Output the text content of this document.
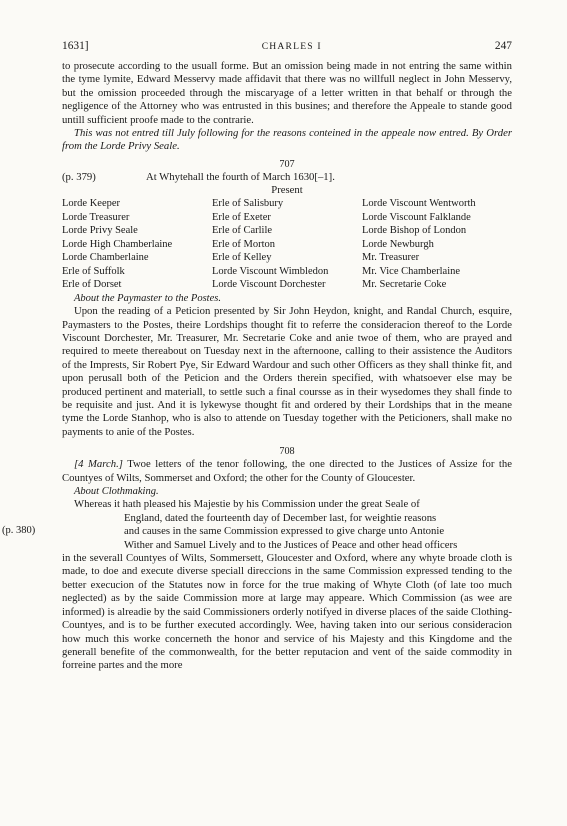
1631]	CHARLES I	247

to prosecute according to the usuall forme. But an omission being made in not entring the same within the tyme lymite, Edward Messervy made affidavit that there was no willfull neglect in John Messervy, but the omission proceeded through the miscaryage of a letter written in that behalf or through the negligence of the Attorney who was entrusted in this busines; and therefore the Appeale to stande good untill sufficient proofe made to the contrarie.

This was not entred till July following for the reasons conteined in the appeale now entred. By Order from the Lorde Privy Seale.

707
(p. 379)	At Whytehall the fourth of March 1630[–1].
Present
Lorde Keeper	Erle of Salisbury	Lorde Viscount Wentworth
Lorde Treasurer	Erle of Exeter	Lorde Viscount Falklande
Lorde Privy Seale	Erle of Carlile	Lorde Bishop of London
Lorde High Chamberlaine	Erle of Morton	Lorde Newburgh
Lorde Chamberlaine	Erle of Kelley	Mr. Treasurer
Erle of Suffolk	Lorde Viscount Wimbledon	Mr. Vice Chamberlaine
Erle of Dorset	Lorde Viscount Dorchester	Mr. Secretarie Coke
About the Paymaster to the Postes.

Upon the reading of a Peticion presented by Sir John Heydon, knight, and Randal Church, esquire, Paymasters to the Postes, theire Lordships thought fit to referre the consideracion thereof to the Lorde Viscount Dorchester, Mr. Treasurer, Mr. Secretarie Coke and anie twoe of them, who are prayed and required to meete thereabout on Tuesday next in the afternoone, calling to their assistence the Auditors of the Imprests, Sir Robert Pye, Sir Edward Wardour and such other Officers as they shall thinke fit, and upon perusall both of the Peticion and the Orders therein specified, with whatsoever else may be produced pertinent and materiall, to settle such a final coursse as in their wysedomes they shall finde to be requisite and just. And it is lykewyse thought fit and ordered by their Lordships that in the meane tyme the Lorde Stanhop, who is also to attende on Tuesday together with the Peticioners, shall make no payments to anie of the Postes.

708

[4 March.] Twoe letters of the tenor following, the one directed to the Justices of Assize for the Countyes of Wilts, Sommerset and Oxford; the other for the County of Gloucester.

About Clothmaking.

Whereas it hath pleased his Majestie by his Commission under the great Seale of

England, dated the fourteenth day of December last, for weightie reasons

(p. 380)	and causes in the same Commission expressed to give charge unto Antonie

Wither and Samuel Lively and to the Justices of Peace and other head officers

in the severall Countyes of Wilts, Sommersett, Gloucester and Oxford, where any whyte broade cloth is made, to doe and execute diverse speciall direccions in the same Commission expressed tending to the better execucion of the Statutes now in force for the true making of Whyte Cloth (of late too much neglected) as by the saide Commission more at large may appeare. Which Commission (as wee are informed) is alreadie by the said Commissioners orderly notifyed in diverse places of the saide Clothing-Countyes, and is to be further executed accordingly. Wee, having taken into our serious consideracion how much this worke concerneth the honor and service of his Majesty and this Kingdome and the generall benefite of the commonwealth, for the better reputacion and vent of the saide commodity in forreine partes and the more
